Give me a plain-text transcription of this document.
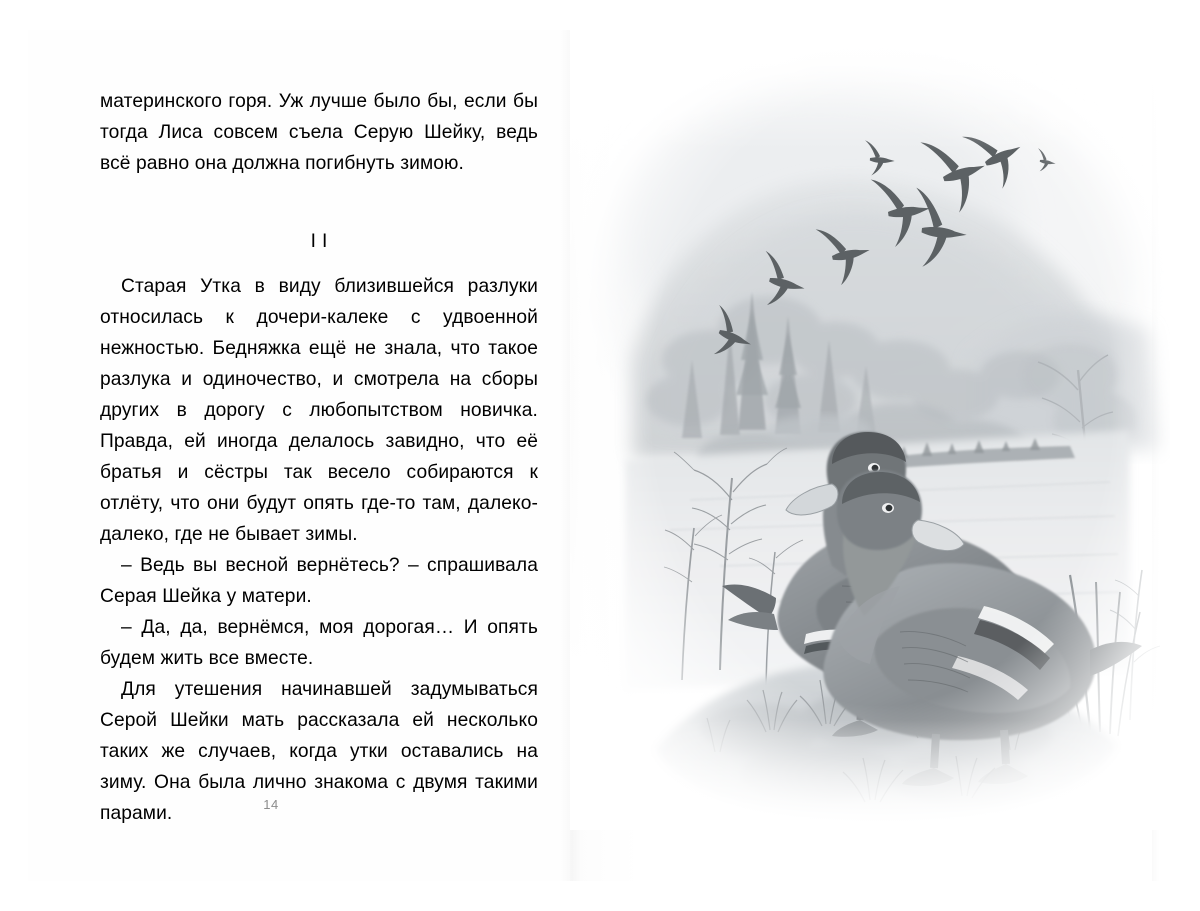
материнского горя. Уж лучше было бы, если бы тогда Лиса совсем съела Серую Шейку, ведь всё равно она должна погибнуть зимою.

II

Старая Утка в виду близившейся разлуки относилась к дочери-калеке с удвоенной нежностью. Бедняжка ещё не знала, что такое разлука и одиночество, и смотрела на сборы других в дорогу с любопытством новичка. Правда, ей иногда делалось завидно, что её братья и сёстры так весело собираются к отлёту, что они будут опять где-то там, далеко-далеко, где не бывает зимы.

– Ведь вы весной вернётесь? – спрашивала Серая Шейка у матери.

– Да, да, вернёмся, моя дорогая… И опять будем жить все вместе.

Для утешения начинавшей задумываться Серой Шейки мать рассказала ей несколько таких же случаев, когда утки оставались на зиму. Она была лично знакома с двумя такими парами.	14
